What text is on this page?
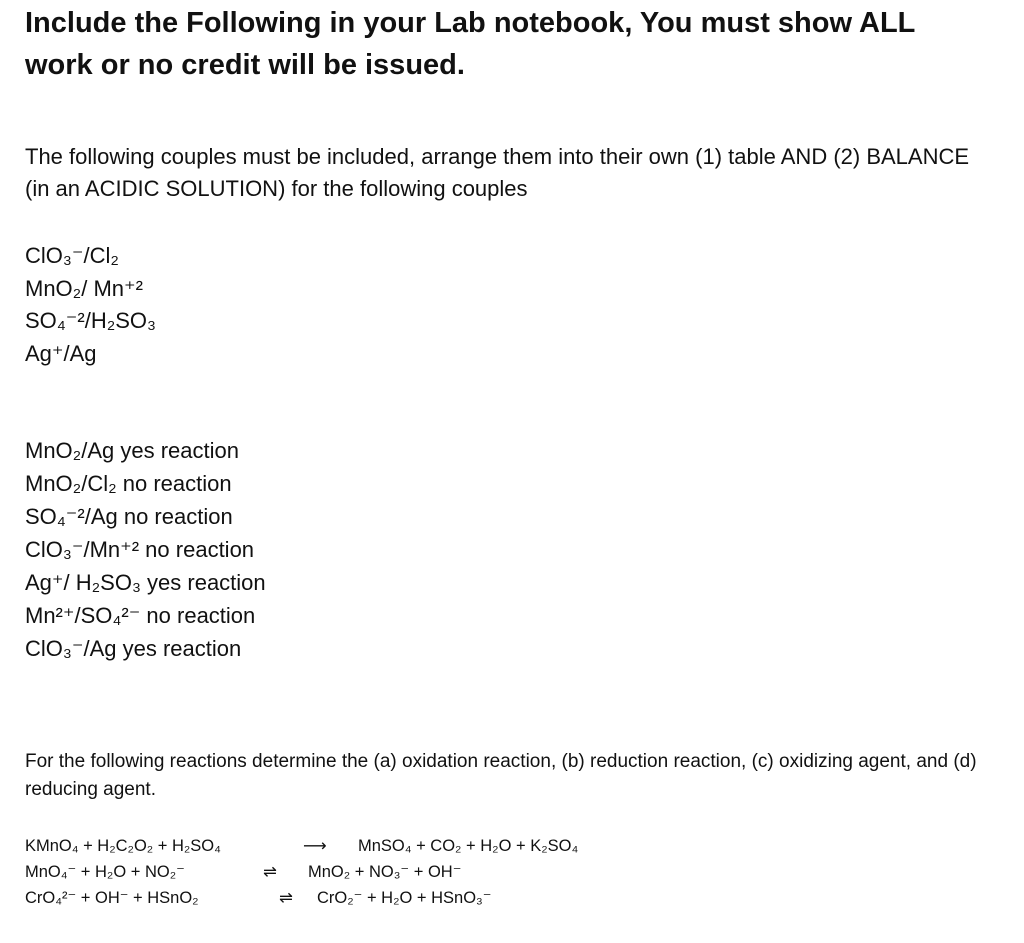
Include the Following in your Lab notebook, You must show ALL work or no credit will be issued.
The following couples must be included, arrange them into their own (1) table AND (2) BALANCE (in an ACIDIC SOLUTION) for the following couples
ClO₃⁻/Cl₂
MnO₂/ Mn⁺²
SO₄⁻²/H₂SO₃
Ag⁺/Ag
MnO₂/Ag yes reaction
MnO₂/Cl₂ no reaction
SO₄⁻²/Ag no reaction
ClO₃⁻/Mn⁺² no reaction
Ag⁺/ H₂SO₃ yes reaction
Mn²⁺/SO₄²⁻ no reaction
ClO₃⁻/Ag yes reaction
For the following reactions determine the (a) oxidation reaction, (b) reduction reaction, (c) oxidizing agent, and (d) reducing agent.
KMnO₄ + H₂C₂O₂ + H₂SO₄	⟶ MnSO₄ + CO₂ + H₂O + K₂SO₄
MnO₄⁻ + H₂O + NO₂⁻	⇌ MnO₂ + NO₃⁻ + OH⁻
CrO₄²⁻ + OH⁻ + HSnO₂	⇌ CrO₂⁻ + H₂O + HSnO₃⁻
